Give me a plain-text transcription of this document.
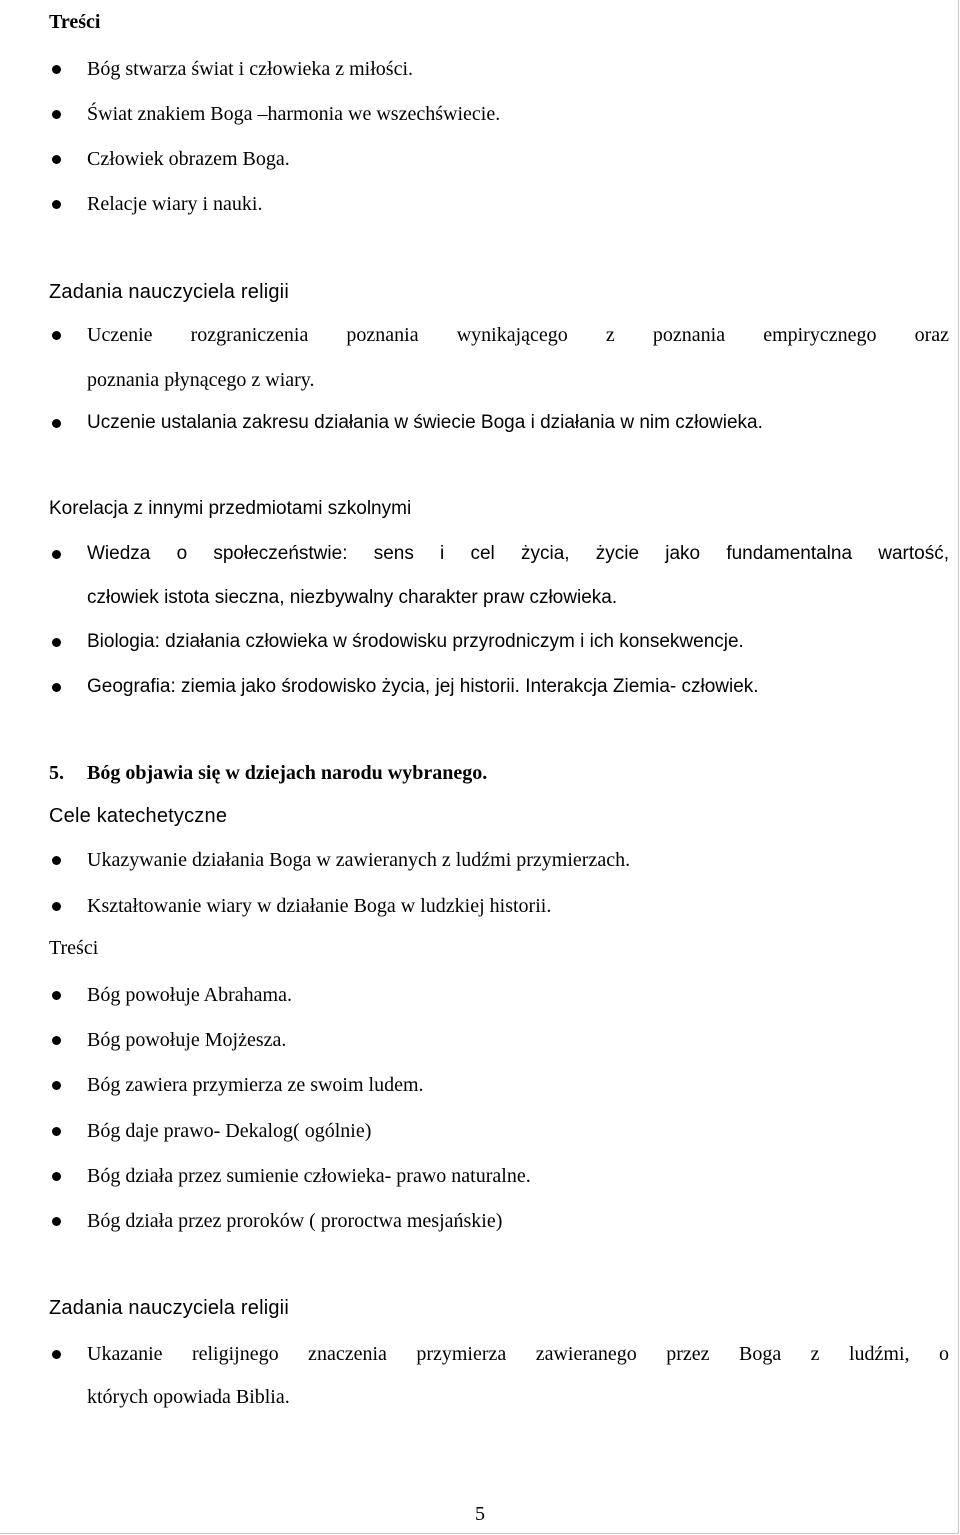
Treści
Bóg stwarza świat i człowieka z miłości.
Świat znakiem Boga –harmonia we wszechświecie.
Człowiek obrazem Boga.
Relacje wiary i nauki.
Zadania nauczyciela religii
Uczenie rozgraniczenia poznania wynikającego z poznania empirycznego oraz
poznania płynącego z wiary.
Uczenie ustalania zakresu działania w świecie Boga i działania w nim człowieka.
Korelacja z innymi przedmiotami szkolnymi
Wiedza o społeczeństwie: sens i cel życia, życie jako fundamentalna wartość,
człowiek istota sieczna, niezbywalny charakter praw człowieka.
Biologia: działania człowieka w środowisku przyrodniczym i ich konsekwencje.
Geografia: ziemia jako środowisko życia, jej historii. Interakcja Ziemia- człowiek.
5. Bóg objawia się w dziejach narodu wybranego.
Cele katechetyczne
Ukazywanie działania Boga w zawieranych z ludźmi przymierzach.
Kształtowanie wiary w działanie Boga w ludzkiej historii.
Treści
Bóg powołuje Abrahama.
Bóg powołuje Mojżesza.
Bóg zawiera przymierza ze swoim ludem.
Bóg daje prawo- Dekalog( ogólnie)
Bóg działa przez sumienie człowieka- prawo naturalne.
Bóg działa przez proroków ( proroctwa mesjańskie)
Zadania nauczyciela religii
Ukazanie religijnego znaczenia przymierza zawieranego przez Boga z ludźmi, o
których opowiada Biblia.
5
